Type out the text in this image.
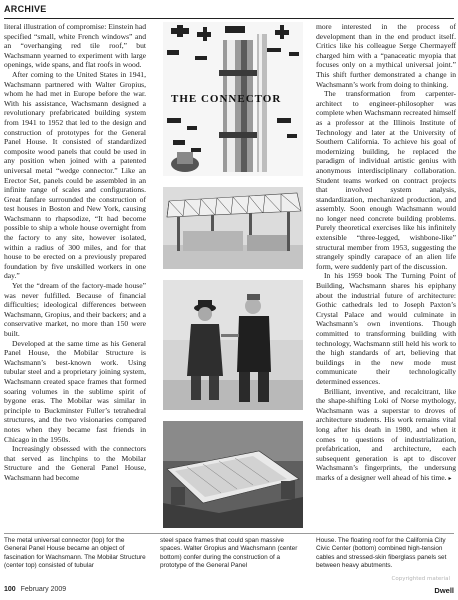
ARCHIVE

literal illustration of compromise: Einstein had specified “small, white French windows” and an “overhanging red tile roof,” but Wachsmann yearned to experiment with large openings, wide spans, and flat roofs in wood.

After coming to the United States in 1941, Wachsmann partnered with Walter Gropius, whom he had met in Europe before the war. With his assistance, Wachsmann designed a revolutionary prefabricated building system from 1941 to 1952 that led to the design and construction of prototypes for the General Panel House. It consisted of standardized composite wood panels that could be used in any position when joined with a patented universal metal “wedge connector.” Like an Erector Set, panels could be assembled in an infinite range of scales and configurations. Great fanfare surrounded the construction of test houses in Boston and New York, causing Wachsmann to rhapsodize, “It had become possible to ship a whole house overnight from the factory to any site, however isolated, within a radius of 300 miles, and for that house to be erected on a previously prepared foundation by five unskilled workers in one day.”

Yet the “dream of the factory-made house” was never fulfilled. Because of financial difficulties; ideological differences between Wachsmann, Gropius, and their backers; and a conservative market, no more than 150 were built.

Developed at the same time as his General Panel House, the Mobilar Structure is Wachsmann’s best-known work. Using tubular steel and a proprietary joining system, Wachsmann created space frames that formed soaring volumes in the sublime spirit of bygone eras. The Mobilar was similar in principle to Buckminster Fuller’s tetrahedral structures, and the two visionaries compared notes when they became fast friends in Chicago in the 1950s.

Increasingly obsessed with the connectors that served as linchpins to the Mobilar Structure and the General Panel House, Wachsmann had become

THE CONNECTOR

more interested in the process of development than in the end product itself. Critics like his colleague Serge Chermayeff charged him with a “panaceatic myopia that focuses only on a mythical universal joint.” This shift further demonstrated a change in Wachsmann’s work from doing to thinking.

The transformation from carpenter-architect to engineer-philosopher was complete when Wachsmann recreated himself as a professor at the Illinois Institute of Technology and later at the University of Southern California. To achieve his goal of modernizing building, he replaced the paradigm of individual artistic genius with anonymous interdisciplinary collaboration. Student teams worked on contract projects that involved system analysis, standardization, mechanized production, and assembly. Soon enough Wachsmann would no longer need concrete building problems. Purely theoretical exercises like his infinitely extensible “three-legged, wishbone-like” structural member from 1953, suggesting the strangely spindly carapace of an alien life form, were suddenly part of the discussion.

In his 1959 book The Turning Point of Building, Wachsmann shares his epiphany about the industrial future of architecture: Gothic cathedrals led to Joseph Paxton’s Crystal Palace and would culminate in Wachsmann’s own inventions. Though committed to transforming building with technology, Wachsmann still held his work to the high standards of art, believing that buildings in the new mode must communicate their technologically determined essences.

Brilliant, inventive, and recalcitrant, like the shape-shifting Loki of Norse mythology, Wachsmann was a superstar to droves of architecture students. His work remains vital long after his death in 1980, and when it comes to questions of industrialization, prefabrication, and architecture, each subsequent generation is apt to discover Wachsmann’s fingerprints, the undersung marks of a designer well ahead of his time. ▸

The metal universal connector (top) for the General Panel House became an object of fascination for Wachsmann. The Mobilar Structure (center top) consisted of tubular
steel space frames that could span massive spaces. Walter Gropius and Wachsmann (center bottom) confer during the construction of a prototype of the General Panel
House. The floating roof for the California City Civic Center (bottom) combined high-tension cables and stressed-skin fiberglass panels set between heavy abutments.
Copyrighted material
100 February 2009	Dwell
